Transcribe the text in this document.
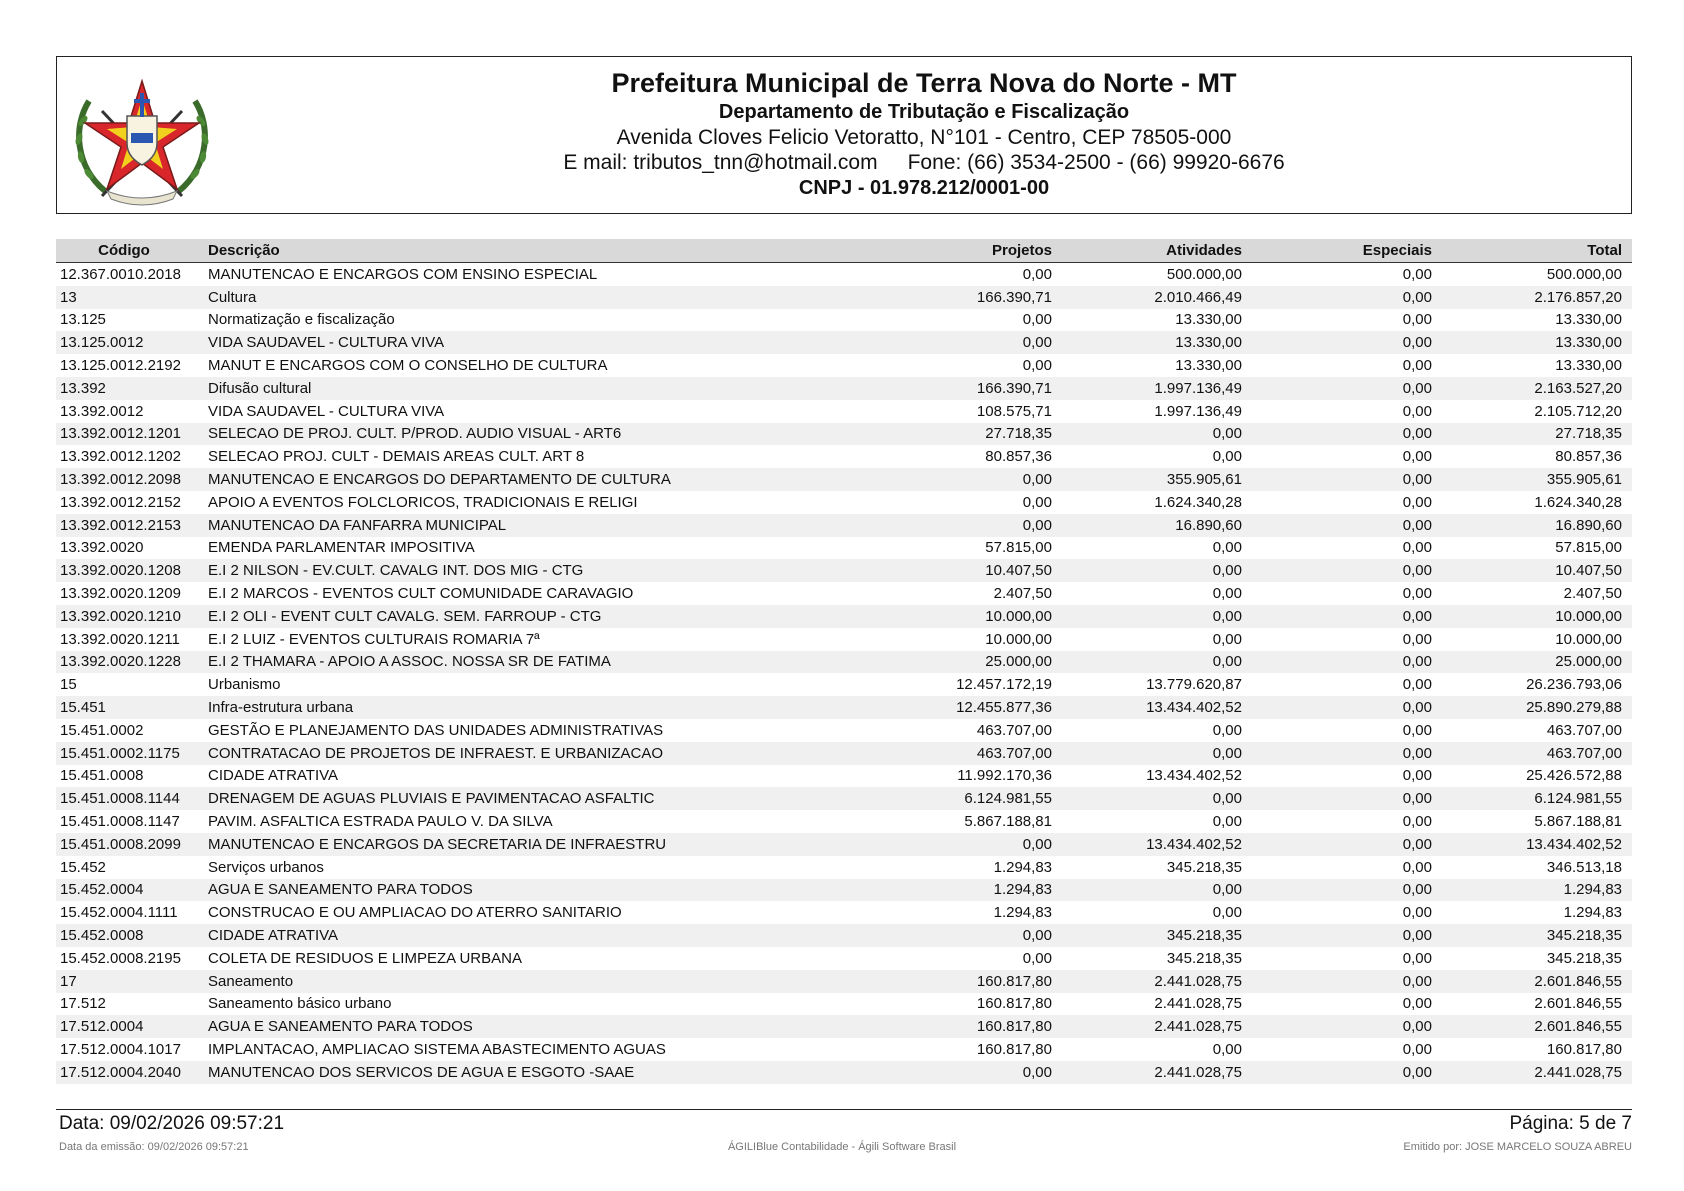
Prefeitura Municipal de Terra Nova do Norte - MT
Departamento de Tributação e Fiscalização
Avenida Cloves Felicio Vetoratto, N°101 - Centro, CEP 78505-000
E mail: tributos_tnn@hotmail.com Fone: (66) 3534-2500 - (66) 99920-6676
CNPJ - 01.978.212/0001-00
Código	Descrição	Projetos	Atividades	Especiais	Total
12.367.0010.2018	MANUTENCAO E ENCARGOS COM ENSINO ESPECIAL	0,00	500.000,00	0,00	500.000,00
13	Cultura	166.390,71	2.010.466,49	0,00	2.176.857,20
13.125	Normatização e fiscalização	0,00	13.330,00	0,00	13.330,00
13.125.0012	VIDA SAUDAVEL - CULTURA VIVA	0,00	13.330,00	0,00	13.330,00
13.125.0012.2192	MANUT E ENCARGOS COM O CONSELHO DE CULTURA	0,00	13.330,00	0,00	13.330,00
13.392	Difusão cultural	166.390,71	1.997.136,49	0,00	2.163.527,20
13.392.0012	VIDA SAUDAVEL - CULTURA VIVA	108.575,71	1.997.136,49	0,00	2.105.712,20
13.392.0012.1201	SELECAO DE PROJ. CULT. P/PROD. AUDIO VISUAL - ART6	27.718,35	0,00	0,00	27.718,35
13.392.0012.1202	SELECAO PROJ. CULT - DEMAIS AREAS CULT. ART 8	80.857,36	0,00	0,00	80.857,36
13.392.0012.2098	MANUTENCAO E ENCARGOS DO DEPARTAMENTO DE CULTURA	0,00	355.905,61	0,00	355.905,61
13.392.0012.2152	APOIO A EVENTOS FOLCLORICOS, TRADICIONAIS E RELIGI	0,00	1.624.340,28	0,00	1.624.340,28
13.392.0012.2153	MANUTENCAO DA FANFARRA MUNICIPAL	0,00	16.890,60	0,00	16.890,60
13.392.0020	EMENDA PARLAMENTAR IMPOSITIVA	57.815,00	0,00	0,00	57.815,00
13.392.0020.1208	E.I 2 NILSON - EV.CULT. CAVALG INT. DOS MIG - CTG	10.407,50	0,00	0,00	10.407,50
13.392.0020.1209	E.I 2 MARCOS - EVENTOS CULT COMUNIDADE CARAVAGIO	2.407,50	0,00	0,00	2.407,50
13.392.0020.1210	E.I 2 OLI - EVENT CULT CAVALG. SEM. FARROUP - CTG	10.000,00	0,00	0,00	10.000,00
13.392.0020.1211	E.I 2 LUIZ - EVENTOS CULTURAIS ROMARIA 7ª	10.000,00	0,00	0,00	10.000,00
13.392.0020.1228	E.I 2 THAMARA - APOIO A ASSOC. NOSSA SR DE FATIMA	25.000,00	0,00	0,00	25.000,00
15	Urbanismo	12.457.172,19	13.779.620,87	0,00	26.236.793,06
15.451	Infra-estrutura urbana	12.455.877,36	13.434.402,52	0,00	25.890.279,88
15.451.0002	GESTÃO E PLANEJAMENTO DAS UNIDADES ADMINISTRATIVAS	463.707,00	0,00	0,00	463.707,00
15.451.0002.1175	CONTRATACAO DE PROJETOS DE INFRAEST. E URBANIZACAO	463.707,00	0,00	0,00	463.707,00
15.451.0008	CIDADE ATRATIVA	11.992.170,36	13.434.402,52	0,00	25.426.572,88
15.451.0008.1144	DRENAGEM DE AGUAS PLUVIAIS E PAVIMENTACAO ASFALTIC	6.124.981,55	0,00	0,00	6.124.981,55
15.451.0008.1147	PAVIM. ASFALTICA ESTRADA PAULO V. DA SILVA	5.867.188,81	0,00	0,00	5.867.188,81
15.451.0008.2099	MANUTENCAO E ENCARGOS DA SECRETARIA DE INFRAESTRU	0,00	13.434.402,52	0,00	13.434.402,52
15.452	Serviços urbanos	1.294,83	345.218,35	0,00	346.513,18
15.452.0004	AGUA E SANEAMENTO PARA TODOS	1.294,83	0,00	0,00	1.294,83
15.452.0004.1111	CONSTRUCAO E OU AMPLIACAO DO ATERRO SANITARIO	1.294,83	0,00	0,00	1.294,83
15.452.0008	CIDADE ATRATIVA	0,00	345.218,35	0,00	345.218,35
15.452.0008.2195	COLETA DE RESIDUOS E LIMPEZA URBANA	0,00	345.218,35	0,00	345.218,35
17	Saneamento	160.817,80	2.441.028,75	0,00	2.601.846,55
17.512	Saneamento básico urbano	160.817,80	2.441.028,75	0,00	2.601.846,55
17.512.0004	AGUA E SANEAMENTO PARA TODOS	160.817,80	2.441.028,75	0,00	2.601.846,55
17.512.0004.1017	IMPLANTACAO, AMPLIACAO SISTEMA ABASTECIMENTO AGUAS	160.817,80	0,00	0,00	160.817,80
17.512.0004.2040	MANUTENCAO DOS SERVICOS DE AGUA E ESGOTO -SAAE	0,00	2.441.028,75	0,00	2.441.028,75
Data: 09/02/2026 09:57:21	Página: 5 de 7
Data da emissão: 09/02/2026 09:57:21	ÁGILIBlue Contabilidade - Ágili Software Brasil	Emitido por: JOSE MARCELO SOUZA ABREU
